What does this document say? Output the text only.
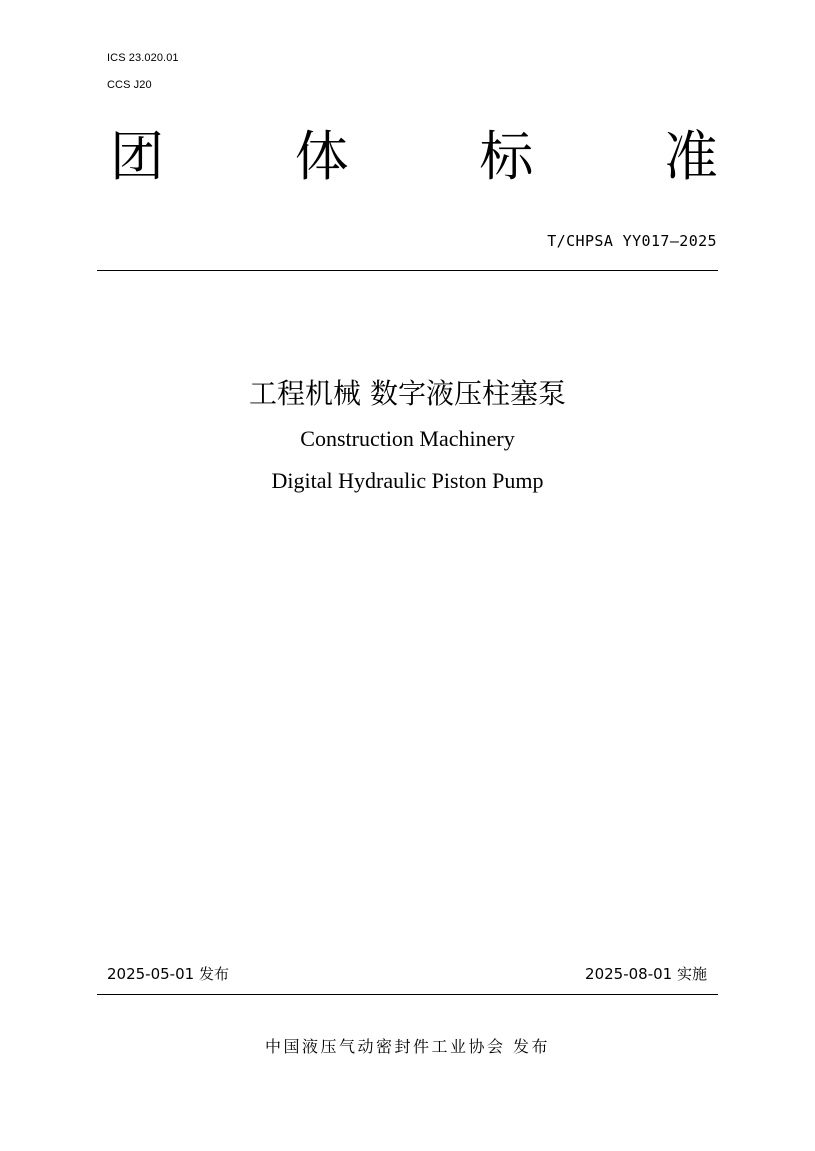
ICS 23.020.01
CCS J20
团 体 标 准
T/CHPSA YY017—2025
工程机械 数字液压柱塞泵
Construction Machinery
Digital Hydraulic Piston Pump
2025-05-01 发布	2025-08-01 实施
中国液压气动密封件工业协会 发布
